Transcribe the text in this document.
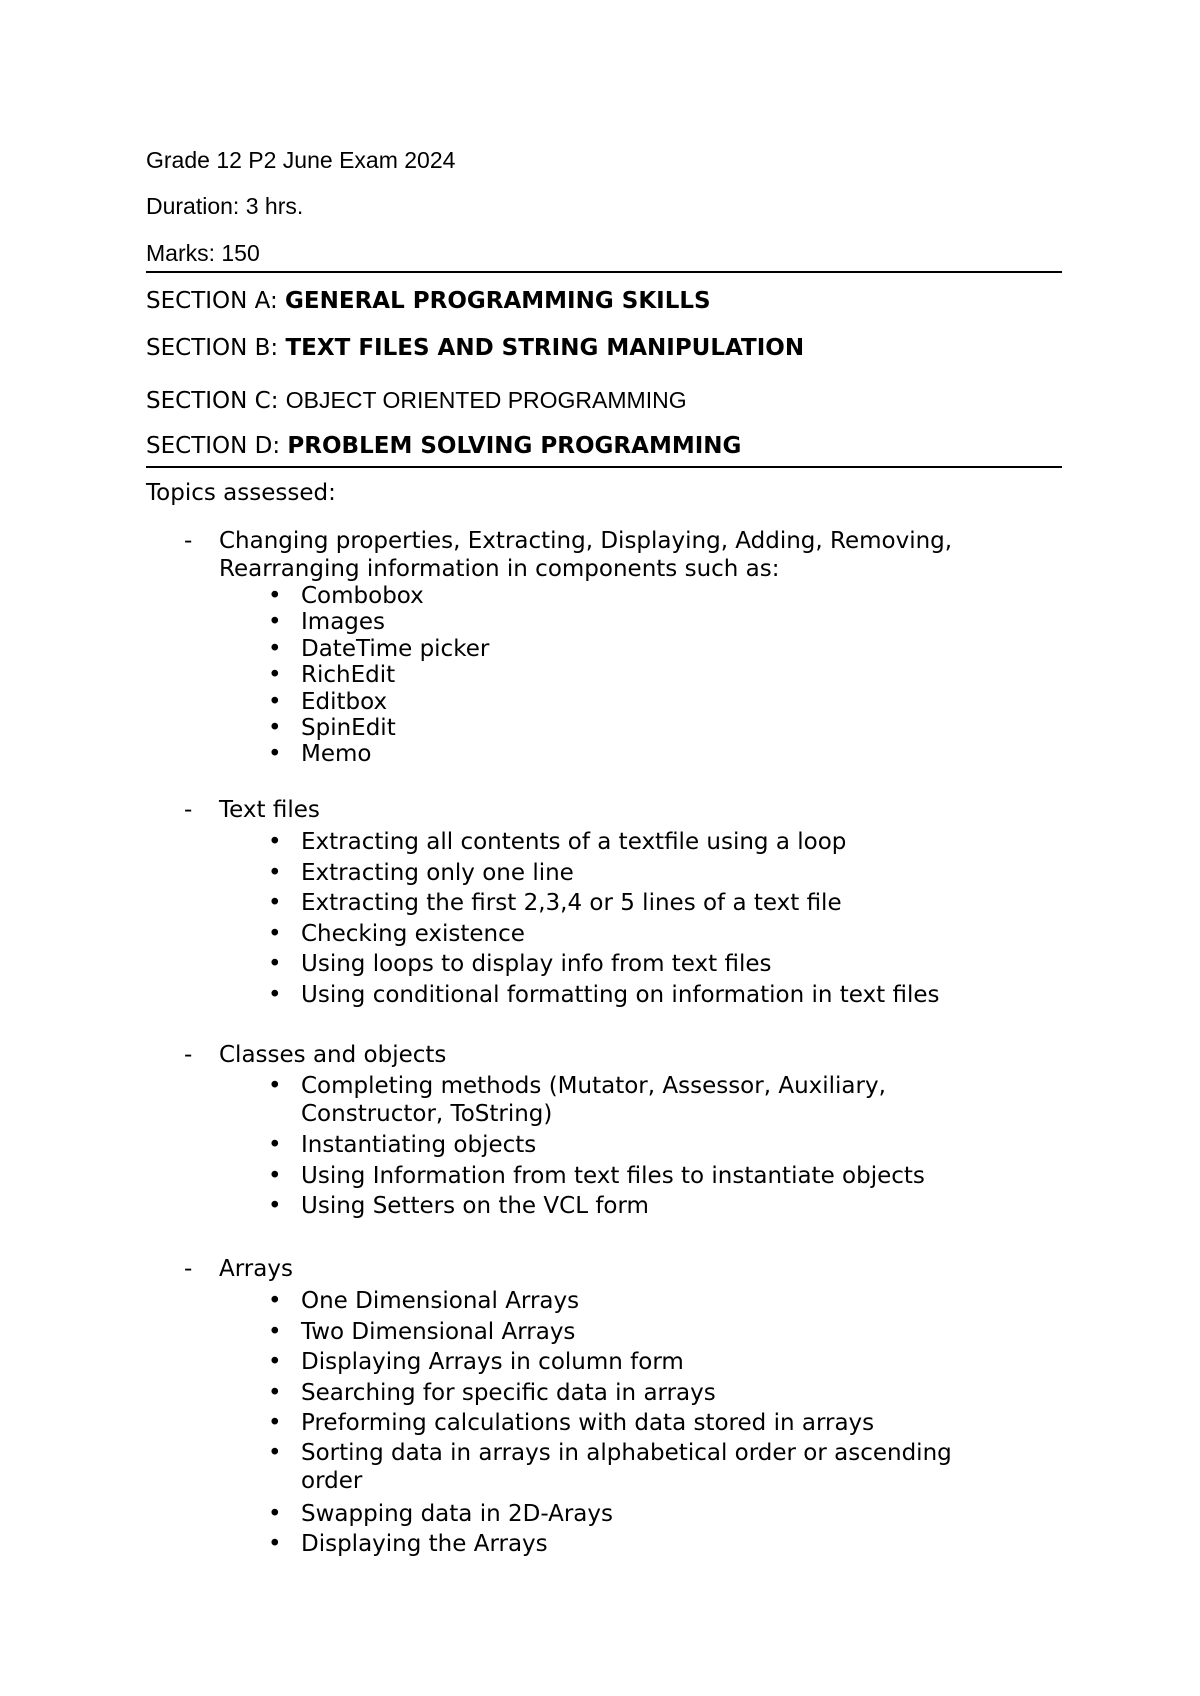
Grade 12 P2 June Exam 2024
Duration: 3 hrs.
Marks: 150
SECTION A: GENERAL PROGRAMMING SKILLS
SECTION B: TEXT FILES AND STRING MANIPULATION
SECTION C: OBJECT ORIENTED PROGRAMMING
SECTION D: PROBLEM SOLVING PROGRAMMING
Topics assessed:
-	Changing properties, Extracting, Displaying, Adding, Removing, Rearranging information in components such as:
• Combobox
• Images
• DateTime picker
• RichEdit
• Editbox
• SpinEdit
• Memo
-	Text files
• Extracting all contents of a textfile using a loop
• Extracting only one line
• Extracting the first 2,3,4 or 5 lines of a text file
• Checking existence
• Using loops to display info from text files
• Using conditional formatting on information in text files
-	Classes and objects
• Completing methods (Mutator, Assessor, Auxiliary, Constructor, ToString)
• Instantiating objects
• Using Information from text files to instantiate objects
• Using Setters on the VCL form
-	Arrays
• One Dimensional Arrays
• Two Dimensional Arrays
• Displaying Arrays in column form
• Searching for specific data in arrays
• Preforming calculations with data stored in arrays
• Sorting data in arrays in alphabetical order or ascending order
• Swapping data in 2D-Arays
• Displaying the Arrays
